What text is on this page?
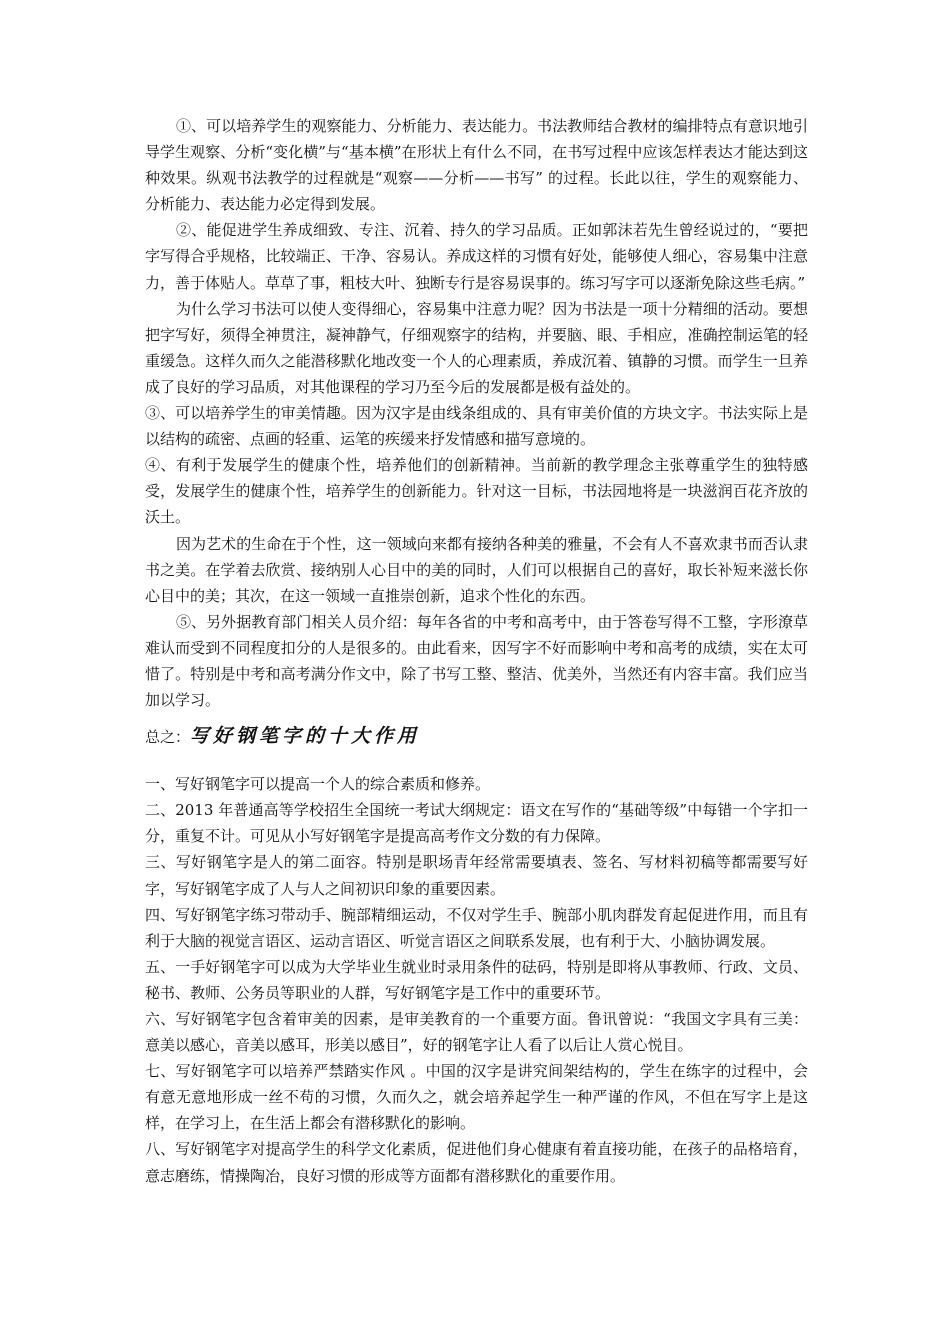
①、可以培养学生的观察能力、分析能力、表达能力。书法教师结合教材的编排特点有意识地引导学生观察、分析“变化横”与“基本横”在形状上有什么不同，在书写过程中应该怎样表达才能达到这种效果。纵观书法教学的过程就是“观察——分析——书写” 的过程。长此以往，学生的观察能力、分析能力、表达能力必定得到发展。

②、能促进学生养成细致、专注、沉着、持久的学习品质。正如郭沫若先生曾经说过的，“要把字写得合乎规格，比较端正、干净、容易认。养成这样的习惯有好处，能够使人细心，容易集中注意力，善于体贴人。草草了事，粗枝大叶、独断专行是容易误事的。练习写字可以逐渐免除这些毛病。”

为什么学习书法可以使人变得细心，容易集中注意力呢？因为书法是一项十分精细的活动。要想把字写好，须得全神贯注，凝神静气，仔细观察字的结构，并要脑、眼、手相应，准确控制运笔的轻重缓急。这样久而久之能潜移默化地改变一个人的心理素质，养成沉着、镇静的习惯。而学生一旦养成了良好的学习品质，对其他课程的学习乃至今后的发展都是极有益处的。

③、可以培养学生的审美情趣。因为汉字是由线条组成的、具有审美价值的方块文字。书法实际上是以结构的疏密、点画的轻重、运笔的疾缓来抒发情感和描写意境的。

④、有利于发展学生的健康个性，培养他们的创新精神。当前新的教学理念主张尊重学生的独特感受，发展学生的健康个性，培养学生的创新能力。针对这一目标，书法园地将是一块滋润百花齐放的沃土。

因为艺术的生命在于个性，这一领域向来都有接纳各种美的雅量，不会有人不喜欢隶书而否认隶书之美。在学着去欣赏、接纳别人心目中的美的同时，人们可以根据自己的喜好，取长补短来滋长你心目中的美；其次，在这一领域一直推崇创新，追求个性化的东西。

⑤、另外据教育部门相关人员介绍：每年各省的中考和高考中，由于答卷写得不工整，字形潦草难认而受到不同程度扣分的人是很多的。由此看来，因写字不好而影响中考和高考的成绩，实在太可惜了。特别是中考和高考满分作文中，除了书写工整、整洁、优美外，当然还有内容丰富。我们应当加以学习。

总之：写好钢笔字的十大作用

一、写好钢笔字可以提高一个人的综合素质和修养。

二、2013 年普通高等学校招生全国统一考试大纲规定：语文在写作的“基础等级”中每错一个字扣一分，重复不计。可见从小写好钢笔字是提高高考作文分数的有力保障。

三、写好钢笔字是人的第二面容。特别是职场青年经常需要填表、签名、写材料初稿等都需要写好字，写好钢笔字成了人与人之间初识印象的重要因素。

四、写好钢笔字练习带动手、腕部精细运动，不仅对学生手、腕部小肌肉群发育起促进作用，而且有利于大脑的视觉言语区、运动言语区、听觉言语区之间联系发展，也有利于大、小脑协调发展。

五、一手好钢笔字可以成为大学毕业生就业时录用条件的砝码，特别是即将从事教师、行政、文员、秘书、教师、公务员等职业的人群，写好钢笔字是工作中的重要环节。

六、写好钢笔字包含着审美的因素，是审美教育的一个重要方面。鲁讯曾说：“我国文字具有三美：意美以感心，音美以感耳，形美以感目”，好的钢笔字让人看了以后让人赏心悦目。

七、写好钢笔字可以培养严禁踏实作风 。中国的汉字是讲究间架结构的，学生在练字的过程中，会有意无意地形成一丝不苟的习惯，久而久之，就会培养起学生一种严谨的作风，不但在写字上是这样，在学习上，在生活上都会有潜移默化的影响。

八、写好钢笔字对提高学生的科学文化素质，促进他们身心健康有着直接功能，在孩子的品格培育，意志磨练，情操陶冶，良好习惯的形成等方面都有潜移默化的重要作用。
